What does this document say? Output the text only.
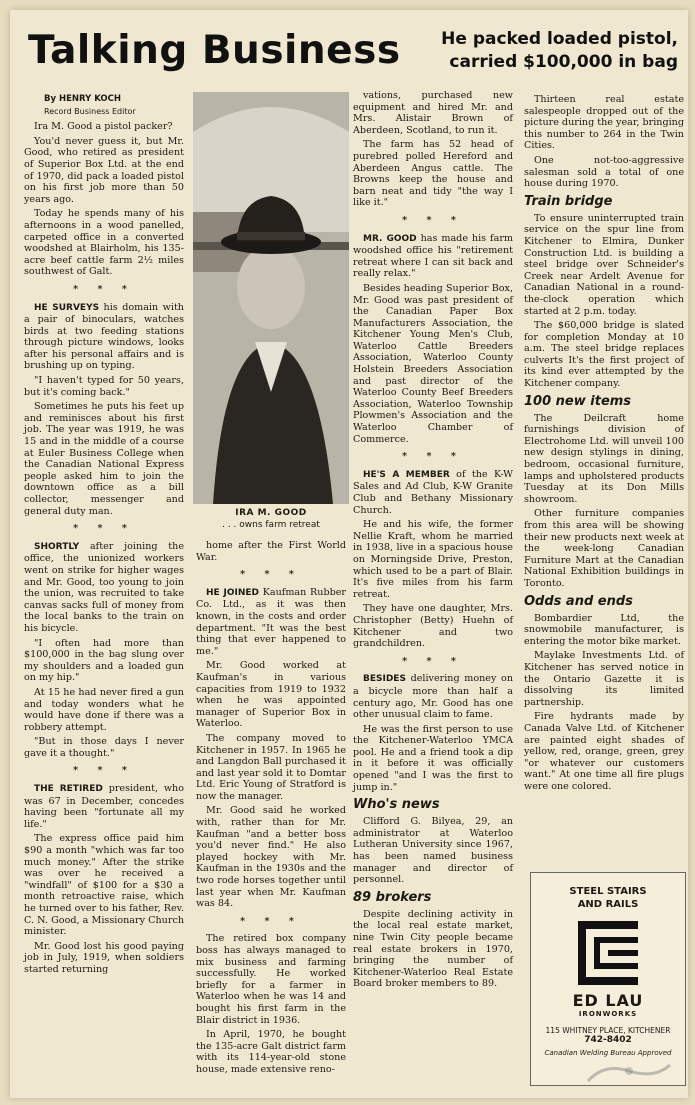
Talking Business	He packed loaded pistol, carried $100,000 in bag

By HENRY KOCH

Record Business Editor

Ira M. Good a pistol packer?

You'd never guess it, but Mr. Good, who retired as president of Superior Box Ltd. at the end of 1970, did pack a loaded pistol on his first job more than 50 years ago.

Today he spends many of his afternoons in a wood panelled, carpeted office in a converted woodshed at Blairholm, his 135-acre beef cattle farm 2½ miles southwest of Galt.

* * *

HE SURVEYS his domain with a pair of binoculars, watches birds at two feeding stations through picture windows, looks after his personal affairs and is brushing up on typing.

"I haven't typed for 50 years, but it's coming back."

Sometimes he puts his feet up and reminisces about his first job. The year was 1919, he was 15 and in the middle of a course at Euler Business College when the Canadian National Express people asked him to join the downtown office as a bill collector, messenger and general duty man.

* * *

SHORTLY after joining the office, the unionized workers went on strike for higher wages and Mr. Good, too young to join the union, was recruited to take canvas sacks full of money from the local banks to the train on his bicycle.

"I often had more than $100,000 in the bag slung over my shoulders and a loaded gun on my hip."

At 15 he had never fired a gun and today wonders what he would have done if there was a robbery attempt.

"But in those days I never gave it a thought."

* * *

THE RETIRED president, who was 67 in December, concedes having been "fortunate all my life."

The express office paid him $90 a month "which was far too much money." After the strike was over he received a "windfall" of $100 for a $30 a month retroactive raise, which he turned over to his father, Rev. C. N. Good, a Missionary Church minister.

Mr. Good lost his good paying job in July, 1919, when soldiers started returning

IRA M. GOOD
. . . owns farm retreat

home after the First World War.

* * *

HE JOINED Kaufman Rubber Co. Ltd., as it was then known, in the costs and order department. "It was the best thing that ever happened to me."

Mr. Good worked at Kaufman's in various capacities from 1919 to 1932 when he was appointed manager of Superior Box in Waterloo.

The company moved to Kitchener in 1957. In 1965 he and Langdon Ball purchased it and last year sold it to Domtar Ltd. Eric Young of Stratford is now the manager.

Mr. Good said he worked with, rather than for Mr. Kaufman "and a better boss you'd never find." He also played hockey with Mr. Kaufman in the 1930s and the two rode horses together until last year when Mr. Kaufman was 84.

* * *

The retired box company boss has always managed to mix business and farming successfully. He worked briefly for a farmer in Waterloo when he was 14 and bought his first farm in the Blair district in 1936.

In April, 1970, he bought the 135-acre Galt district farm with its 114-year-old stone house, made extensive reno-

vations, purchased new equipment and hired Mr. and Mrs. Alistair Brown of Aberdeen, Scotland, to run it.

The farm has 52 head of purebred polled Hereford and Aberdeen Angus cattle. The Browns keep the house and barn neat and tidy "the way I like it."

* * *

MR. GOOD has made his farm woodshed office his "retirement retreat where I can sit back and really relax."

Besides heading Superior Box, Mr. Good was past president of the Canadian Paper Box Manufacturers Association, the Kitchener Young Men's Club, Waterloo Cattle Breeders Association, Waterloo County Holstein Breeders Association and past director of the Waterloo County Beef Breeders Association, Waterloo Township Plowmen's Association and the Waterloo Chamber of Commerce.

* * *

HE'S A MEMBER of the K-W Sales and Ad Club, K-W Granite Club and Bethany Missionary Church.

He and his wife, the former Nellie Kraft, whom he married in 1938, live in a spacious house on Morningside Drive, Preston, which used to be a part of Blair. It's five miles from his farm retreat.

They have one daughter, Mrs. Christopher (Betty) Huehn of Kitchener and two grandchildren.

* * *

BESIDES delivering money on a bicycle more than half a century ago, Mr. Good has one other unusual claim to fame.

He was the first person to use the Kitchener-Waterloo YMCA pool. He and a friend took a dip in it before it was officially opened "and I was the first to jump in."

Who's news

Clifford G. Bilyea, 29, an administrator at Waterloo Lutheran University since 1967, has been named business manager and director of personnel.

89 brokers

Despite declining activity in the local real estate market, nine Twin City people became real estate brokers in 1970, bringing the number of Kitchener-Waterloo Real Estate Board broker members to 89.

Thirteen real estate salespeople dropped out of the picture during the year, bringing this number to 264 in the Twin Cities.

One not-too-aggressive salesman sold a total of one house during 1970.

Train bridge

To ensure uninterrupted train service on the spur line from Kitchener to Elmira, Dunker Construction Ltd. is building a steel bridge over Schneider's Creek near Ardelt Avenue for Canadian National in a round-the-clock operation which started at 2 p.m. today.

The $60,000 bridge is slated for completion Monday at 10 a.m. The steel bridge replaces culverts It's the first project of its kind ever attempted by the Kitchener company.

100 new items

The Deilcraft home furnishings division of Electrohome Ltd. will unveil 100 new design stylings in dining, bedroom, occasional furniture, lamps and upholstered products Tuesday at its Don Mills showroom.

Other furniture companies from this area will be showing their new products next week at the week-long Canadian Furniture Mart at the Canadian National Exhibition buildings in Toronto.

Odds and ends

Bombardier Ltd, the snowmobile manufacturer, is entering the motor bike market.

Maylake Investments Ltd. of Kitchener has served notice in the Ontario Gazette it is dissolving its limited partnership.

Fire hydrants made by Canada Valve Ltd. of Kitchener are painted eight shades of yellow, red, orange, green, grey "or whatever our customers want." At one time all fire plugs were one colored.

STEEL STAIRS
AND RAILS
ED LAU
IRONWORKS
115 WHITNEY PLACE, KITCHENER
742-8402
Canadian Welding Bureau Approved
